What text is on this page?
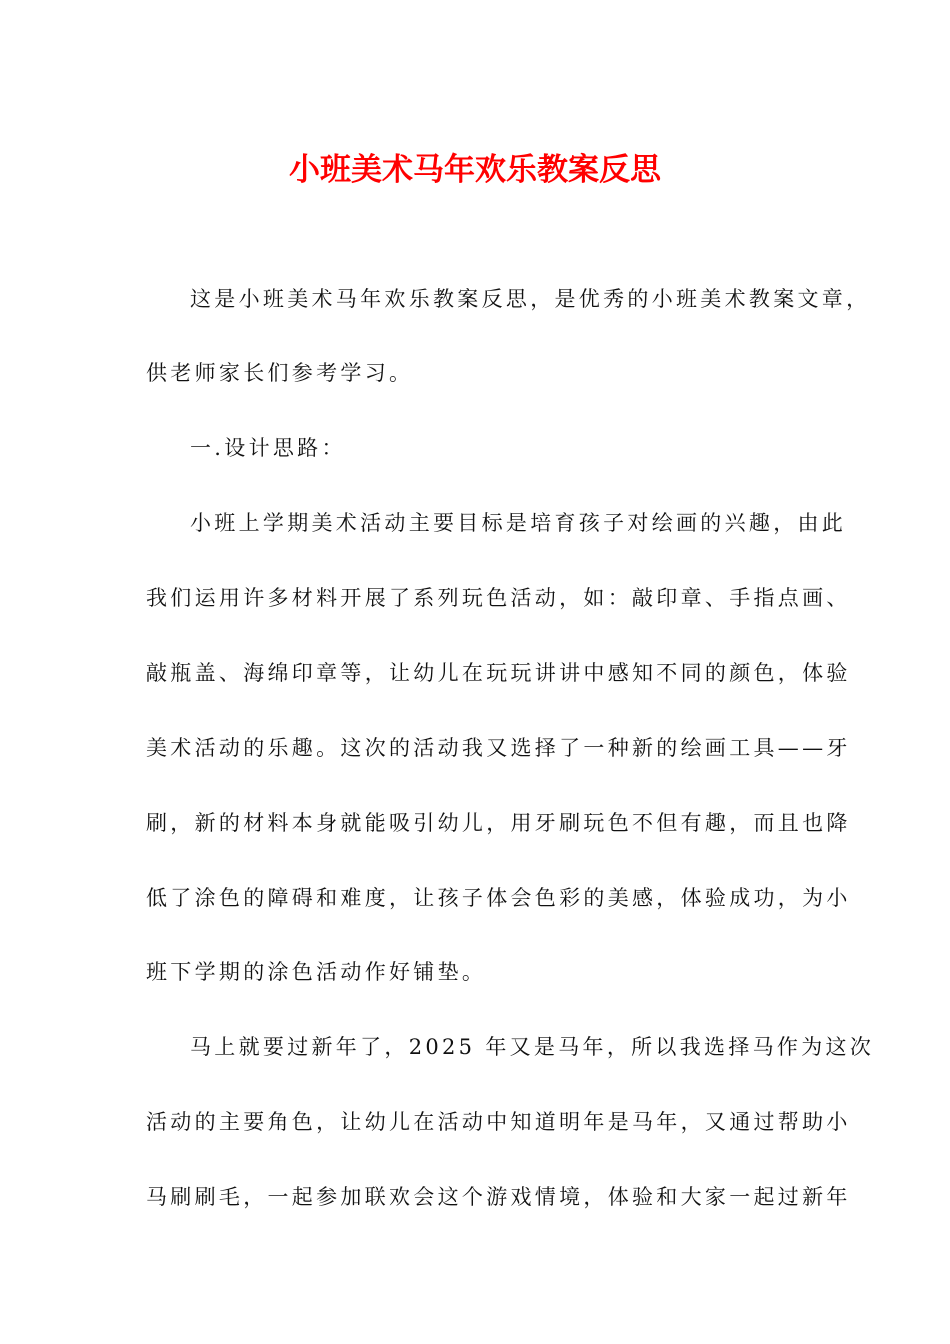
小班美术马年欢乐教案反思
这是小班美术马年欢乐教案反思，是优秀的小班美术教案文章，
供老师家长们参考学习。
一.设计思路：
小班上学期美术活动主要目标是培育孩子对绘画的兴趣，由此
我们运用许多材料开展了系列玩色活动，如：敲印章、手指点画、
敲瓶盖、海绵印章等，让幼儿在玩玩讲讲中感知不同的颜色，体验
美术活动的乐趣。这次的活动我又选择了一种新的绘画工具——牙
刷，新的材料本身就能吸引幼儿，用牙刷玩色不但有趣，而且也降
低了涂色的障碍和难度，让孩子体会色彩的美感，体验成功，为小
班下学期的涂色活动作好铺垫。
马上就要过新年了，2025 年又是马年，所以我选择马作为这次
活动的主要角色，让幼儿在活动中知道明年是马年，又通过帮助小
马刷刷毛，一起参加联欢会这个游戏情境，体验和大家一起过新年
